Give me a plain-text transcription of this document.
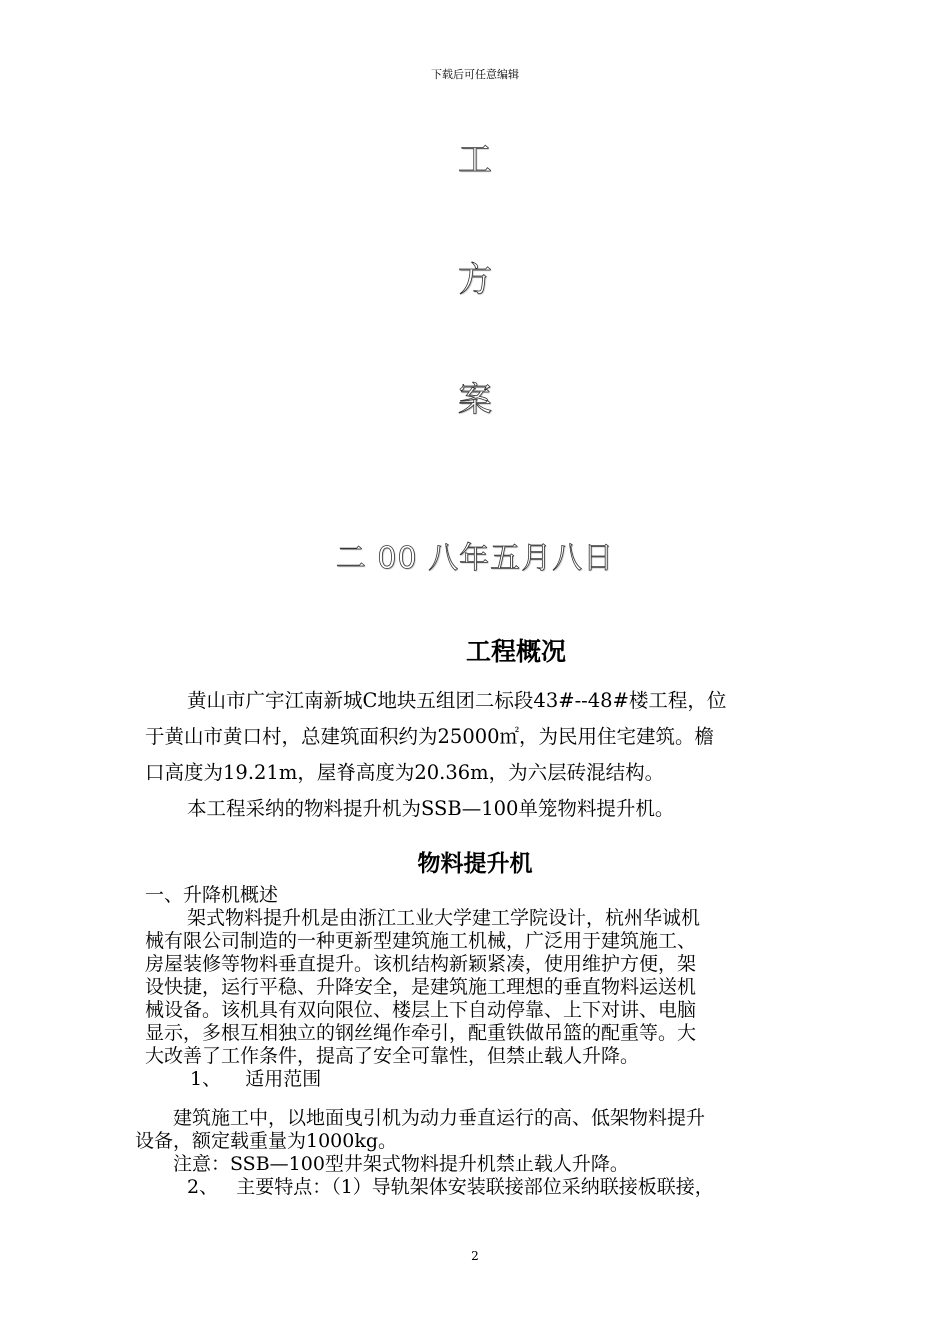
下载后可任意编辑
工
方
案
二 00 八年五月八日
工程概况

黄山市广宇江南新城C地块五组团二标段43#--48#楼工程，位

于黄山市黄口村，总建筑面积约为25000㎡，为民用住宅建筑。檐

口高度为19.21m，屋脊高度为20.36m，为六层砖混结构。

本工程采纳的物料提升机为SSB—100单笼物料提升机。

物料提升机

一、升降机概述

架式物料提升机是由浙江工业大学建工学院设计，杭州华诚机

械有限公司制造的一种更新型建筑施工机械，广泛用于建筑施工、

房屋装修等物料垂直提升。该机结构新颖紧凑，使用维护方便，架

设快捷，运行平稳、升降安全，是建筑施工理想的垂直物料运送机

械设备。该机具有双向限位、楼层上下自动停靠、上下对讲、电脑

显示，多根互相独立的钢丝绳作牵引，配重铁做吊篮的配重等。大

大改善了工作条件，提高了安全可靠性，但禁止载人升降。

1、    适用范围

建筑施工中，以地面曳引机为动力垂直运行的高、低架物料提升

设备，额定载重量为1000kg。

注意：SSB—100型井架式物料提升机禁止载人升降。

2、   主要特点：（1）导轨架体安装联接部位采纳联接板联接，

2
